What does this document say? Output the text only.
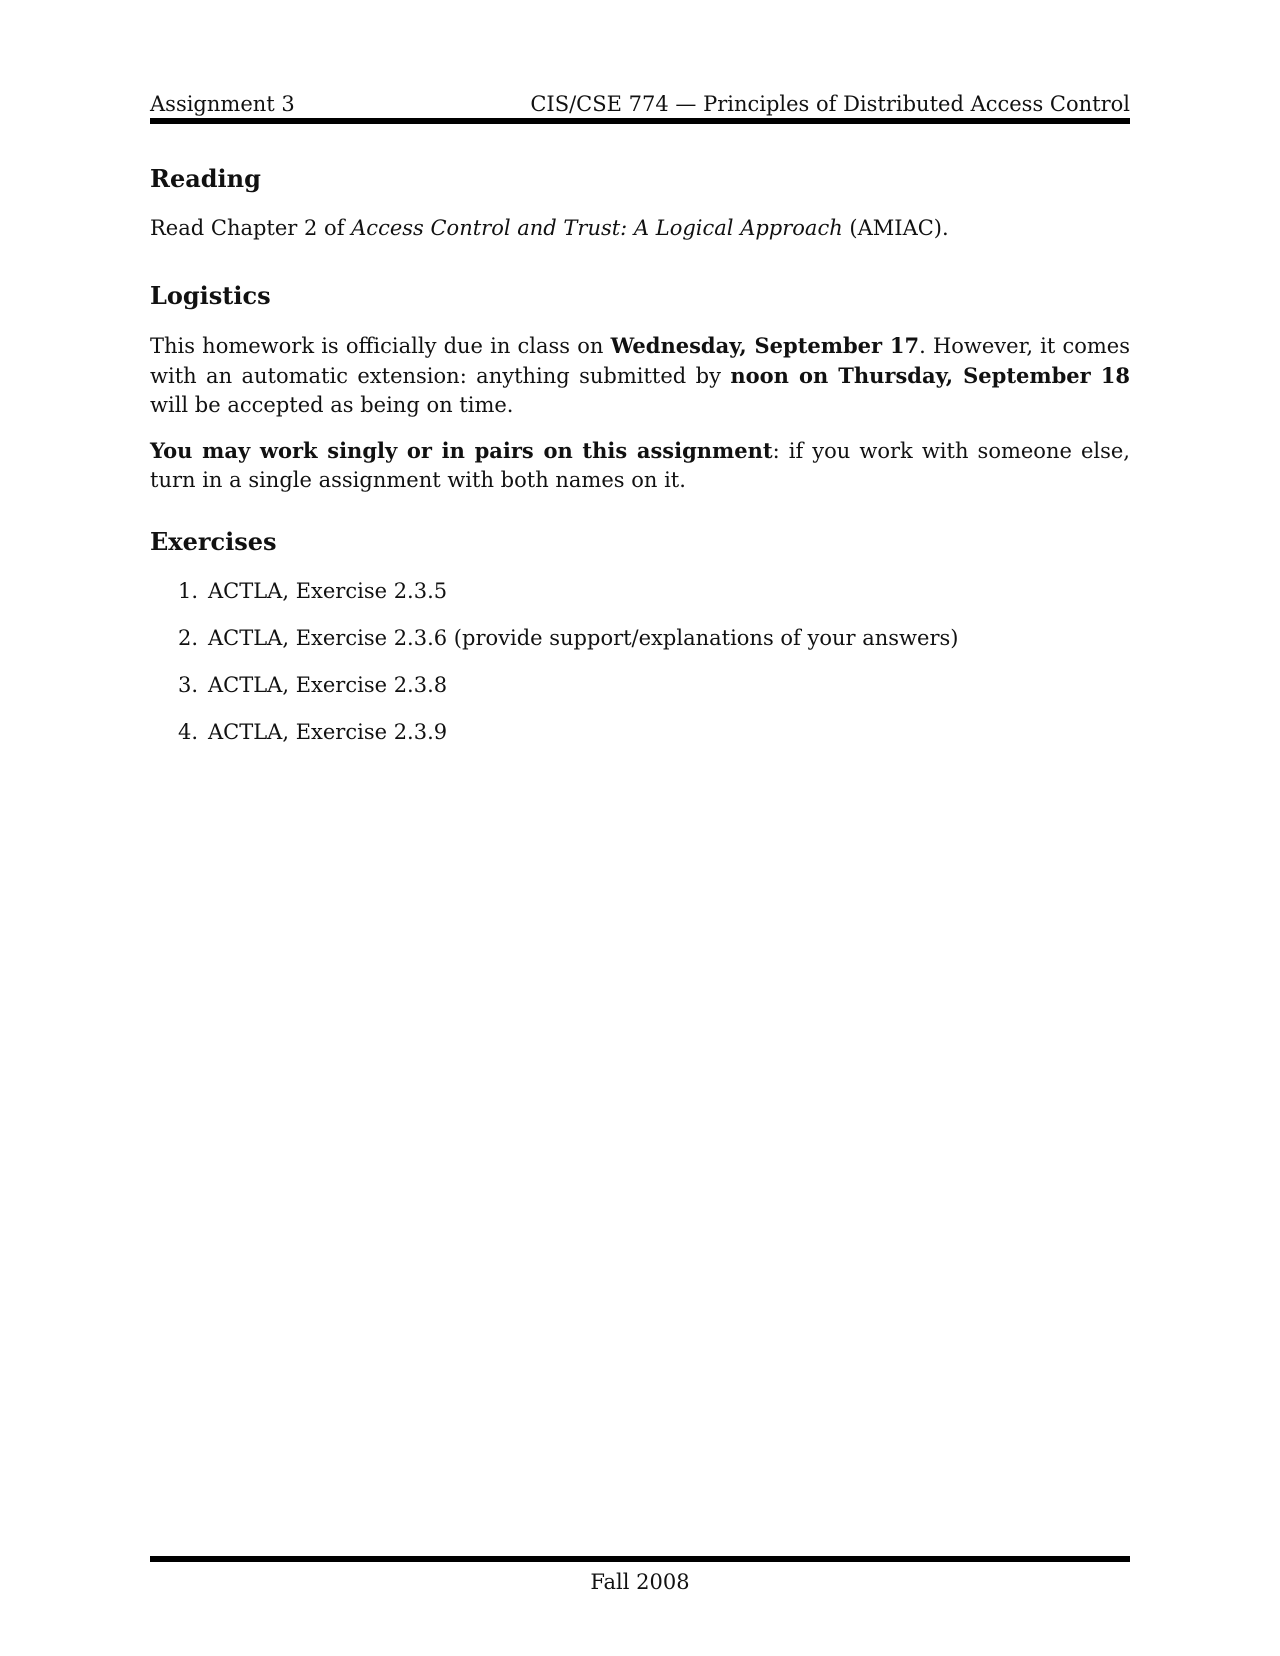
Assignment 3	CIS/CSE 774 — Principles of Distributed Access Control
Reading

Read Chapter 2 of Access Control and Trust: A Logical Approach (AMIAC).

Logistics

This homework is officially due in class on Wednesday, September 17. However, it comes with an automatic extension: anything submitted by noon on Thursday, September 18 will be accepted as being on time.

You may work singly or in pairs on this assignment: if you work with someone else, turn in a single assignment with both names on it.

Exercises
1. ACTLA, Exercise 2.3.5
2. ACTLA, Exercise 2.3.6 (provide support/explanations of your answers)
3. ACTLA, Exercise 2.3.8
4. ACTLA, Exercise 2.3.9
Fall 2008
